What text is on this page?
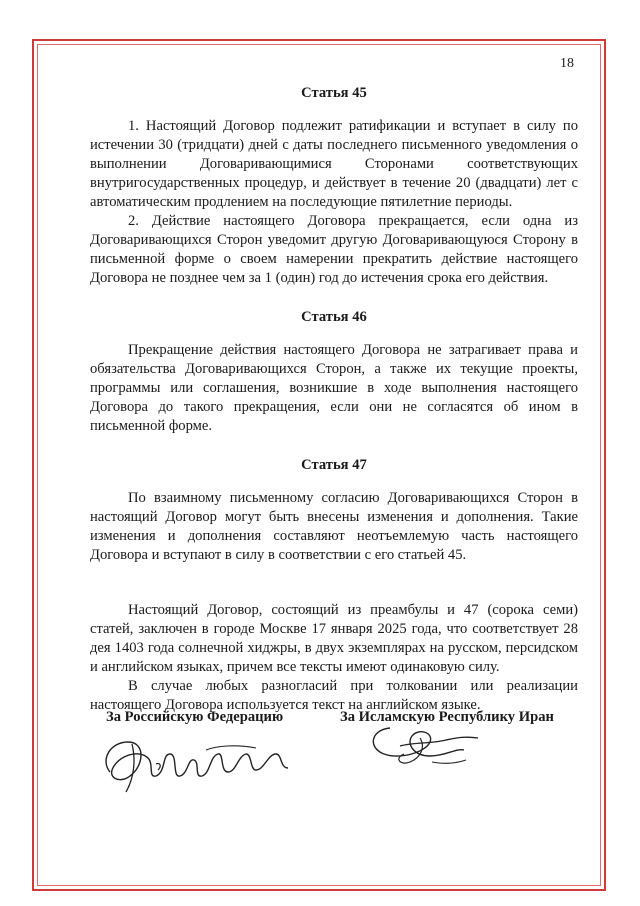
18
Статья 45

1. Настоящий Договор подлежит ратификации и вступает в силу по истечении 30 (тридцати) дней с даты последнего письменного уведомления о выполнении Договаривающимися Сторонами соответствующих внутригосударственных процедур, и действует в течение 20 (двадцати) лет с автоматическим продлением на последующие пятилетние периоды.

2. Действие настоящего Договора прекращается, если одна из Договаривающихся Сторон уведомит другую Договаривающуюся Сторону в письменной форме о своем намерении прекратить действие настоящего Договора не позднее чем за 1 (один) год до истечения срока его действия.

Статья 46

Прекращение действия настоящего Договора не затрагивает права и обязательства Договаривающихся Сторон, а также их текущие проекты, программы или соглашения, возникшие в ходе выполнения настоящего Договора до такого прекращения, если они не согласятся об ином в письменной форме.

Статья 47

По взаимному письменному согласию Договаривающихся Сторон в настоящий Договор могут быть внесены изменения и дополнения. Такие изменения и дополнения составляют неотъемлемую часть настоящего Договора и вступают в силу в соответствии с его статьей 45.

Настоящий Договор, состоящий из преамбулы и 47 (сорока семи) статей, заключен в городе Москве 17 января 2025 года, что соответствует 28 дея 1403 года солнечной хиджры, в двух экземплярах на русском, персидском и английском языках, причем все тексты имеют одинаковую силу.

В случае любых разногласий при толковании или реализации настоящего Договора используется текст на английском языке.

За Российскую Федерацию	За Исламскую Республику Иран
